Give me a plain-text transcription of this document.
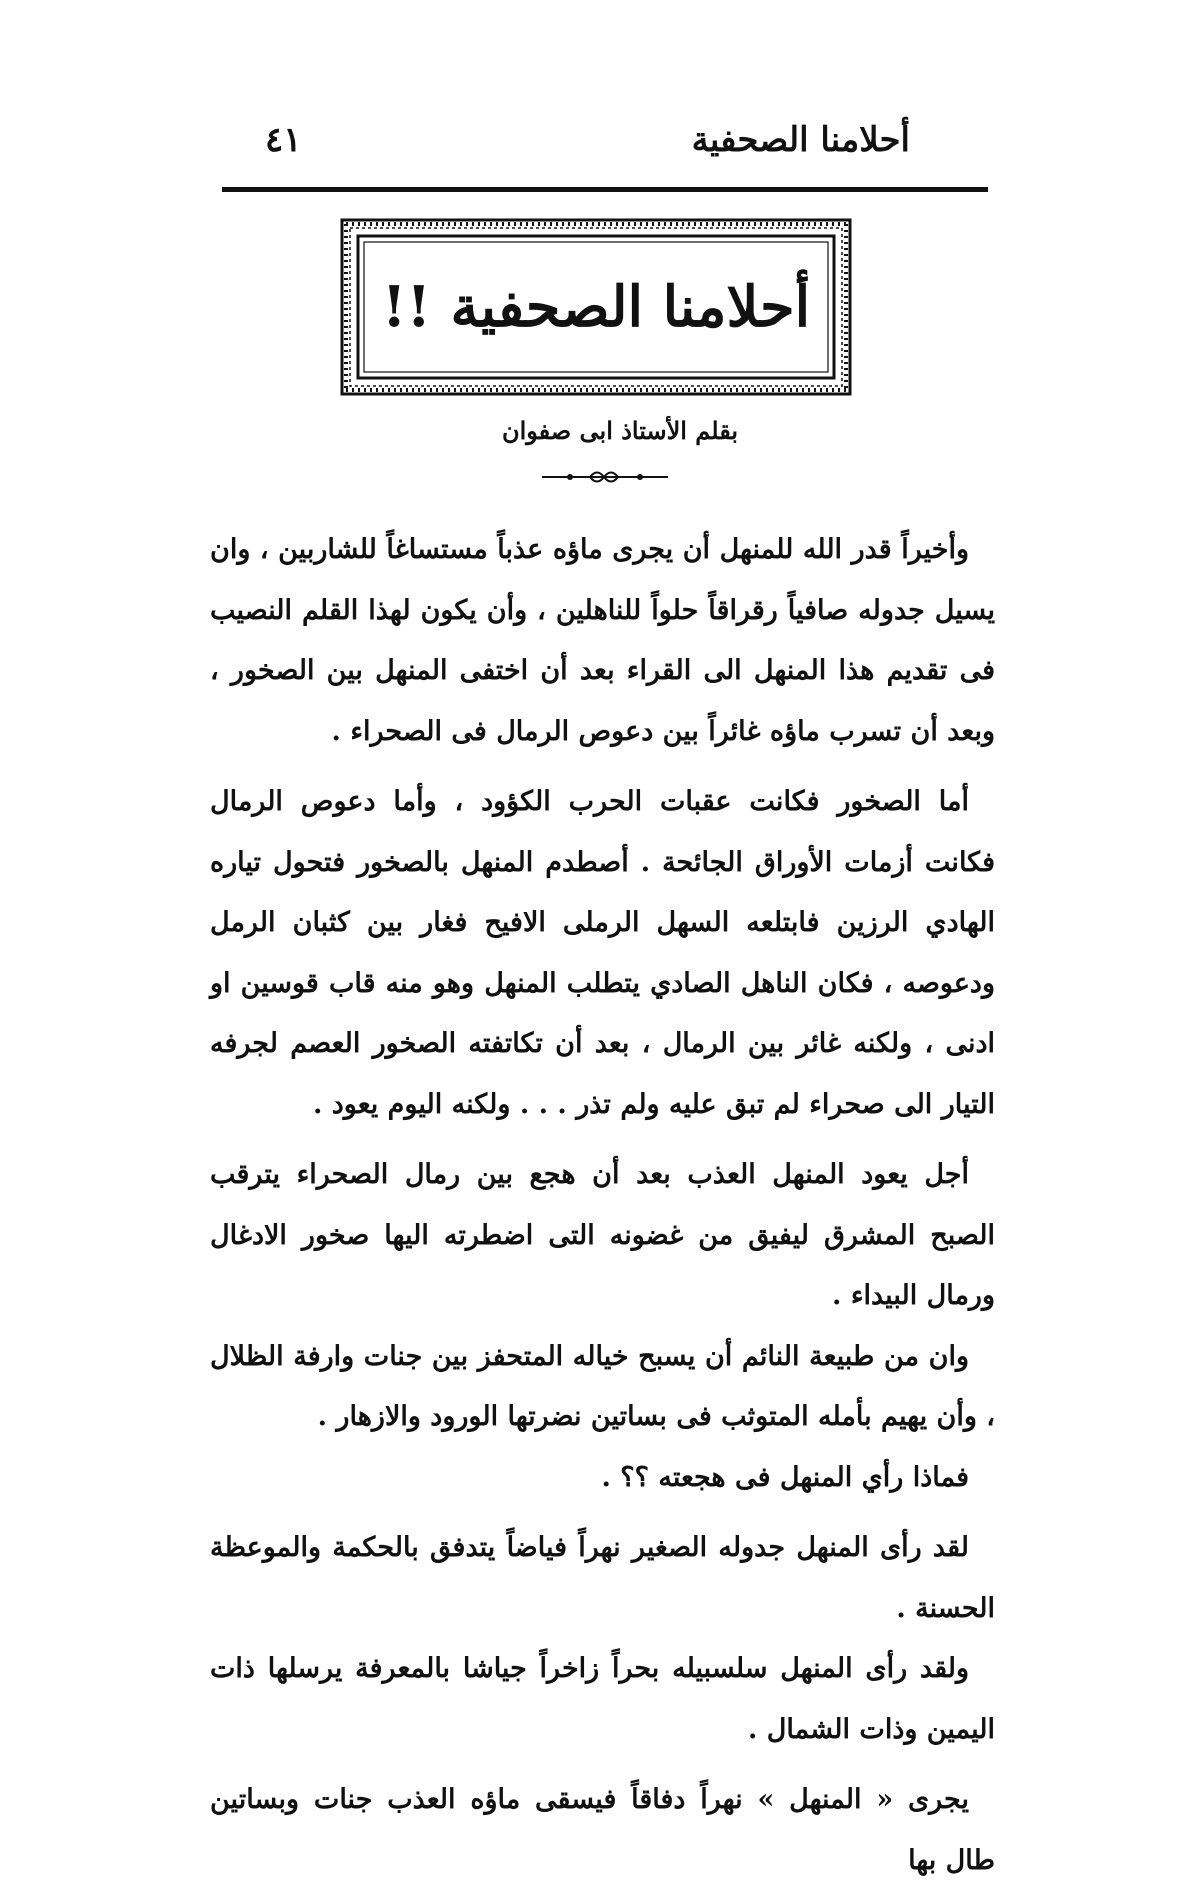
٤١	أحلامنا الصحفية
أحلامنا الصحفية !!
بقلم الأستاذ ابى صفوان

وأخيراً قدر الله للمنهل أن يجرى ماؤه عذباً مستساغاً للشاربين ، وان يسيل جدوله صافياً رقراقاً حلواً للناهلين ، وأن يكون لهذا القلم النصيب فى تقديم هذا المنهل الى القراء بعد أن اختفى المنهل بين الصخور ، وبعد أن تسرب ماؤه غائراً بين دعوص الرمال فى الصحراء .

أما الصخور فكانت عقبات الحرب الكؤود ، وأما دعوص الرمال فكانت أزمات الأوراق الجائحة . أصطدم المنهل بالصخور فتحول تياره الهادي الرزين فابتلعه السهل الرملى الافيح فغار بين كثبان الرمل ودعوصه ، فكان الناهل الصادي يتطلب المنهل وهو منه قاب قوسين او ادنى ، ولكنه غائر بين الرمال ، بعد أن تكاتفته الصخور العصم لجرفه التيار الى صحراء لم تبق عليه ولم تذر . . . ولكنه اليوم يعود .

أجل يعود المنهل العذب بعد أن هجع بين رمال الصحراء يترقب الصبح المشرق ليفيق من غضونه التى اضطرته اليها صخور الادغال ورمال البيداء .

وان من طبيعة النائم أن يسبح خياله المتحفز بين جنات وارفة الظلال ، وأن يهيم بأمله المتوثب فى بساتين نضرتها الورود والازهار .

فماذا رأي المنهل فى هجعته ؟؟ .

لقد رأى المنهل جدوله الصغير نهراً فياضاً يتدفق بالحكمة والموعظة الحسنة .

ولقد رأى المنهل سلسبيله بحراً زاخراً جياشا بالمعرفة يرسلها ذات اليمين وذات الشمال .

يجرى « المنهل » نهراً دفاقاً فيسقى ماؤه العذب جنات وبساتين طال بها
